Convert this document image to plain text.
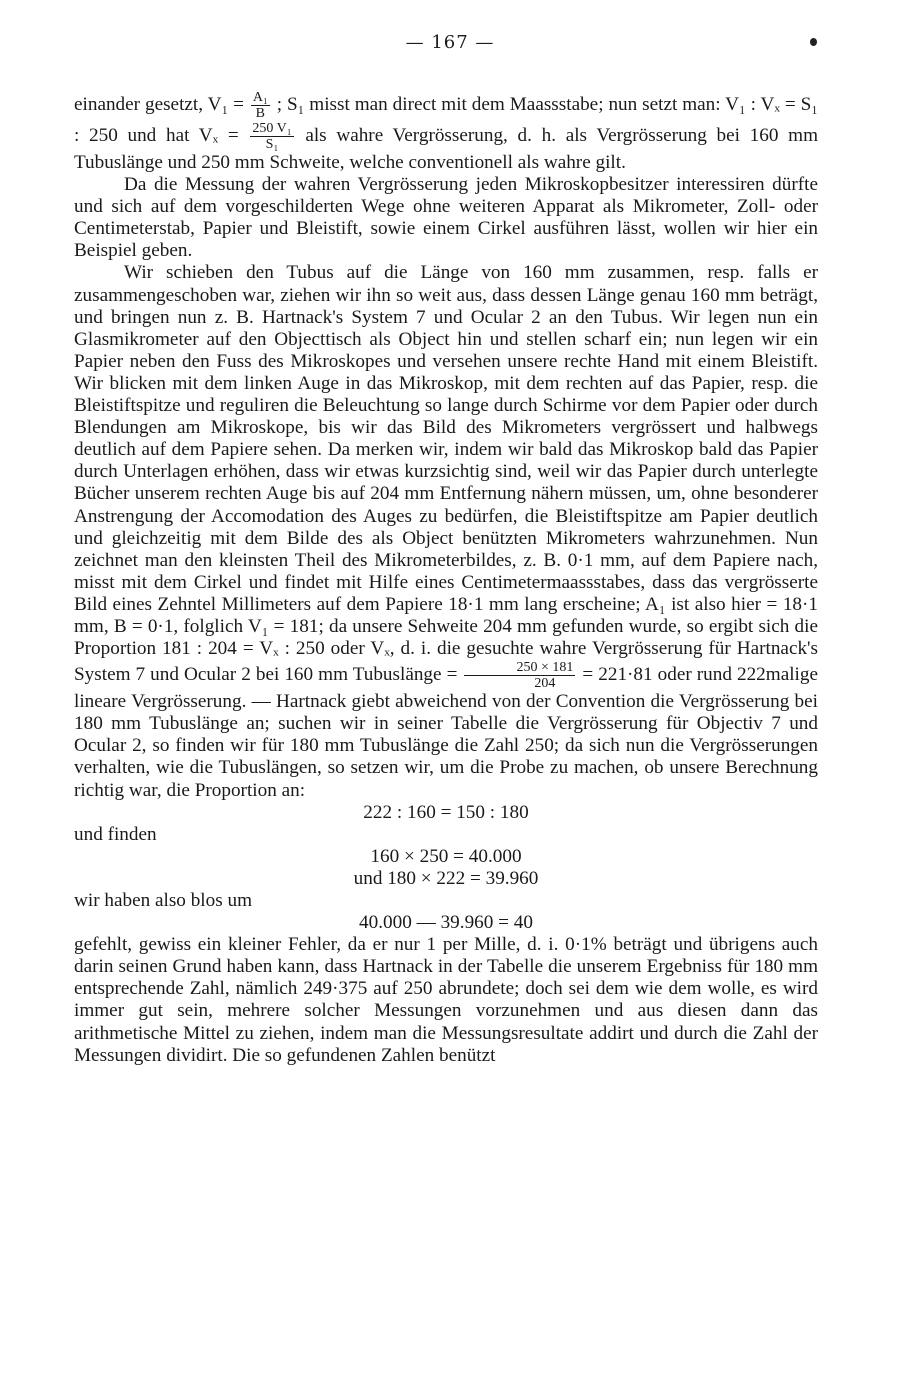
— 167 —

einander gesetzt, $V_1 = \frac{\text{A₁}}{B}$ ; S₁ misst man direct mit dem Maassstabe; nun setzt man: V₁ : Vₓ = S₁ : 250 und hat $V_x = \frac{\text{250 V₁}}{\text{S₁}}$ als wahre Vergrösserung, d. h. als Vergrösserung bei 160 mm Tubuslänge und 250 mm Schweite, welche conventionell als wahre gilt.

Da die Messung der wahren Vergrösserung jeden Mikroskopbesitzer interessiren dürfte und sich auf dem vorgeschilderten Wege ohne weiteren Apparat als Mikrometer, Zoll- oder Centimeterstab, Papier und Bleistift, sowie einem Cirkel ausführen lässt, wollen wir hier ein Beispiel geben.

Wir schieben den Tubus auf die Länge von 160 mm zusammen, resp. falls er zusammengeschoben war, ziehen wir ihn so weit aus, dass dessen Länge genau 160 mm beträgt, und bringen nun z. B. Hartnack's System 7 und Ocular 2 an den Tubus. Wir legen nun ein Glasmikrometer auf den Objecttisch als Object hin und stellen scharf ein; nun legen wir ein Papier neben den Fuss des Mikroskopes und versehen unsere rechte Hand mit einem Bleistift. Wir blicken mit dem linken Auge in das Mikroskop, mit dem rechten auf das Papier, resp. die Bleistiftspitze und reguliren die Beleuchtung so lange durch Schirme vor dem Papier oder durch Blendungen am Mikroskope, bis wir das Bild des Mikrometers vergrössert und halbwegs deutlich auf dem Papiere sehen. Da merken wir, indem wir bald das Mikroskop bald das Papier durch Unterlagen erhöhen, dass wir etwas kurzsichtig sind, weil wir das Papier durch unterlegte Bücher unserem rechten Auge bis auf 204 mm Entfernung nähern müssen, um, ohne besonderer Anstrengung der Accomodation des Auges zu bedürfen, die Bleistiftspitze am Papier deutlich und gleichzeitig mit dem Bilde des als Object benützten Mikrometers wahrzunehmen. Nun zeichnet man den kleinsten Theil des Mikrometerbildes, z. B. 0·1 mm, auf dem Papiere nach, misst mit dem Cirkel und findet mit Hilfe eines Centimetermaassstabes, dass das vergrösserte Bild eines Zehntel Millimeters auf dem Papiere 18·1 mm lang erscheine; A₁ ist also hier = 18·1 mm, B = 0·1, folglich V₁ = 181; da unsere Sehweite 204 mm gefunden wurde, so ergibt sich die Proportion 181 : 204 = Vₓ : 250 oder Vₓ, d. i. die gesuchte wahre Vergrösserung für Hartnack's System 7 und Ocular 2 bei 160 mm Tubuslänge = $\frac{250 \times 181}{204} = 221\cdot 81$ oder rund 222malige lineare Vergrösserung. — Hartnack giebt abweichend von der Convention die Vergrösserung bei 180 mm Tubuslänge an; suchen wir in seiner Tabelle die Vergrösserung für Objectiv 7 und Ocular 2, so finden wir für 180 mm Tubuslänge die Zahl 250; da sich nun die Vergrösserungen verhalten, wie die Tubuslängen, so setzen wir, um die Probe zu machen, ob unsere Berechnung richtig war, die Proportion an:

222 : 160 = 150 : 180

und finden

160 × 250 = 40.000
und 180 × 222 = 39.960

wir haben also blos um

40.000 — 39.960 = 40

gefehlt, gewiss ein kleiner Fehler, da er nur 1 per Mille, d. i. 0·1% beträgt und übrigens auch darin seinen Grund haben kann, dass Hartnack in der Tabelle die unserem Ergebniss für 180 mm entsprechende Zahl, nämlich 249·375 auf 250 abrundete; doch sei dem wie dem wolle, es wird immer gut sein, mehrere solcher Messungen vorzunehmen und aus diesen dann das arithmetische Mittel zu ziehen, indem man die Messungsresultate addirt und durch die Zahl der Messungen dividirt. Die so gefundenen Zahlen benützt
